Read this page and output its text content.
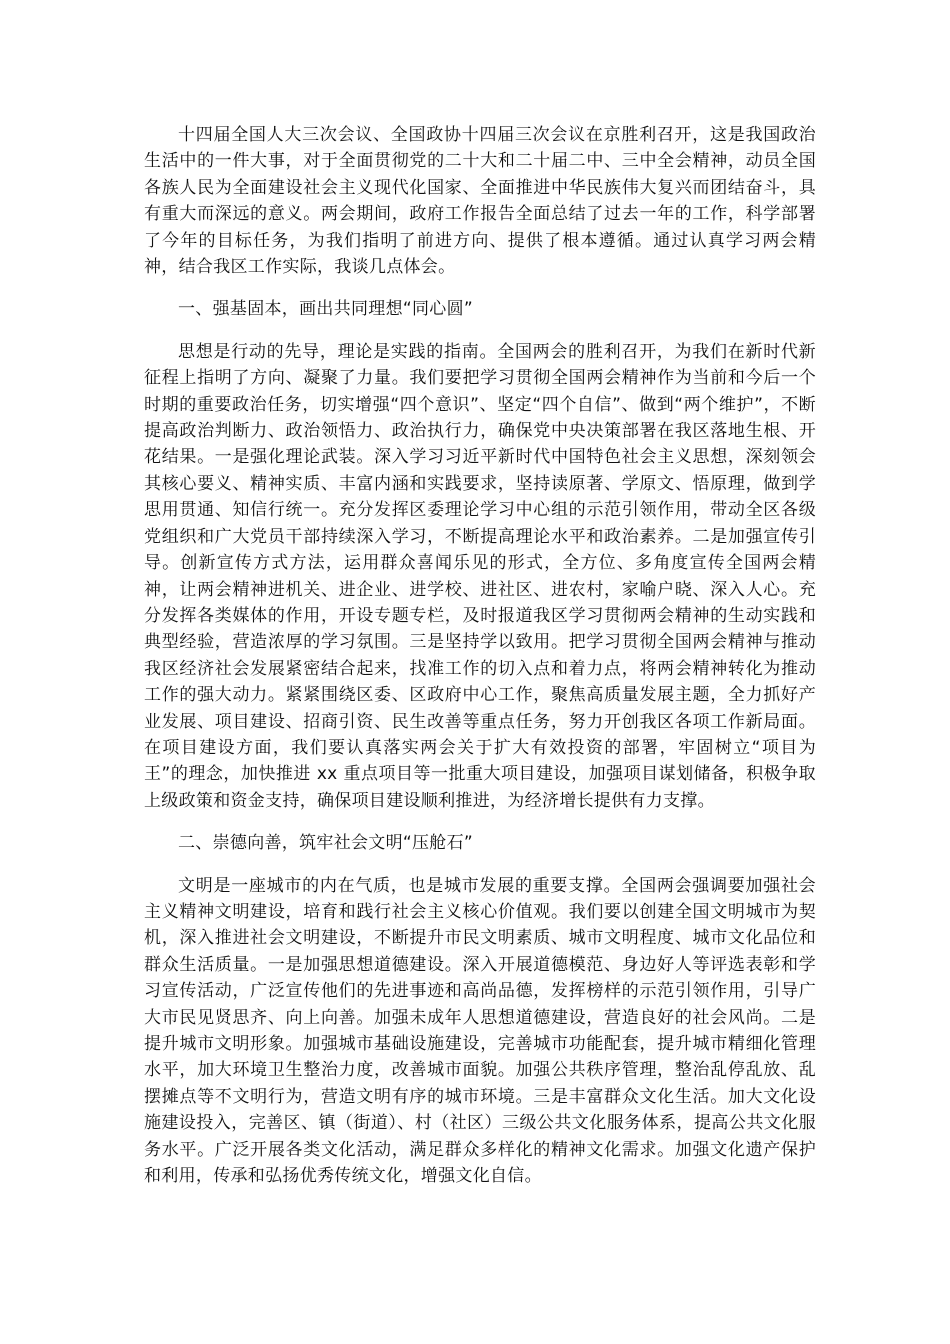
十四届全国人大三次会议、全国政协十四届三次会议在京胜利召开，这是我国政治生活中的一件大事，对于全面贯彻党的二十大和二十届二中、三中全会精神，动员全国各族人民为全面建设社会主义现代化国家、全面推进中华民族伟大复兴而团结奋斗，具有重大而深远的意义。两会期间，政府工作报告全面总结了过去一年的工作，科学部署了今年的目标任务，为我们指明了前进方向、提供了根本遵循。通过认真学习两会精神，结合我区工作实际，我谈几点体会。

一、强基固本，画出共同理想“同心圆”

思想是行动的先导，理论是实践的指南。全国两会的胜利召开，为我们在新时代新征程上指明了方向、凝聚了力量。我们要把学习贯彻全国两会精神作为当前和今后一个时期的重要政治任务，切实增强“四个意识”、坚定“四个自信”、做到“两个维护”，不断提高政治判断力、政治领悟力、政治执行力，确保党中央决策部署在我区落地生根、开花结果。一是强化理论武装。深入学习习近平新时代中国特色社会主义思想，深刻领会其核心要义、精神实质、丰富内涵和实践要求，坚持读原著、学原文、悟原理，做到学思用贯通、知信行统一。充分发挥区委理论学习中心组的示范引领作用，带动全区各级党组织和广大党员干部持续深入学习，不断提高理论水平和政治素养。二是加强宣传引导。创新宣传方式方法，运用群众喜闻乐见的形式，全方位、多角度宣传全国两会精神，让两会精神进机关、进企业、进学校、进社区、进农村，家喻户晓、深入人心。充分发挥各类媒体的作用，开设专题专栏，及时报道我区学习贯彻两会精神的生动实践和典型经验，营造浓厚的学习氛围。三是坚持学以致用。把学习贯彻全国两会精神与推动我区经济社会发展紧密结合起来，找准工作的切入点和着力点，将两会精神转化为推动工作的强大动力。紧紧围绕区委、区政府中心工作，聚焦高质量发展主题，全力抓好产业发展、项目建设、招商引资、民生改善等重点任务，努力开创我区各项工作新局面。在项目建设方面，我们要认真落实两会关于扩大有效投资的部署，牢固树立“项目为王”的理念，加快推进 xx 重点项目等一批重大项目建设，加强项目谋划储备，积极争取上级政策和资金支持，确保项目建设顺利推进，为经济增长提供有力支撑。

二、崇德向善，筑牢社会文明“压舱石”

文明是一座城市的内在气质，也是城市发展的重要支撑。全国两会强调要加强社会主义精神文明建设，培育和践行社会主义核心价值观。我们要以创建全国文明城市为契机，深入推进社会文明建设，不断提升市民文明素质、城市文明程度、城市文化品位和群众生活质量。一是加强思想道德建设。深入开展道德模范、身边好人等评选表彰和学习宣传活动，广泛宣传他们的先进事迹和高尚品德，发挥榜样的示范引领作用，引导广大市民见贤思齐、向上向善。加强未成年人思想道德建设，营造良好的社会风尚。二是提升城市文明形象。加强城市基础设施建设，完善城市功能配套，提升城市精细化管理水平，加大环境卫生整治力度，改善城市面貌。加强公共秩序管理，整治乱停乱放、乱摆摊点等不文明行为，营造文明有序的城市环境。三是丰富群众文化生活。加大文化设施建设投入，完善区、镇（街道）、村（社区）三级公共文化服务体系，提高公共文化服务水平。广泛开展各类文化活动，满足群众多样化的精神文化需求。加强文化遗产保护和利用，传承和弘扬优秀传统文化，增强文化自信。
